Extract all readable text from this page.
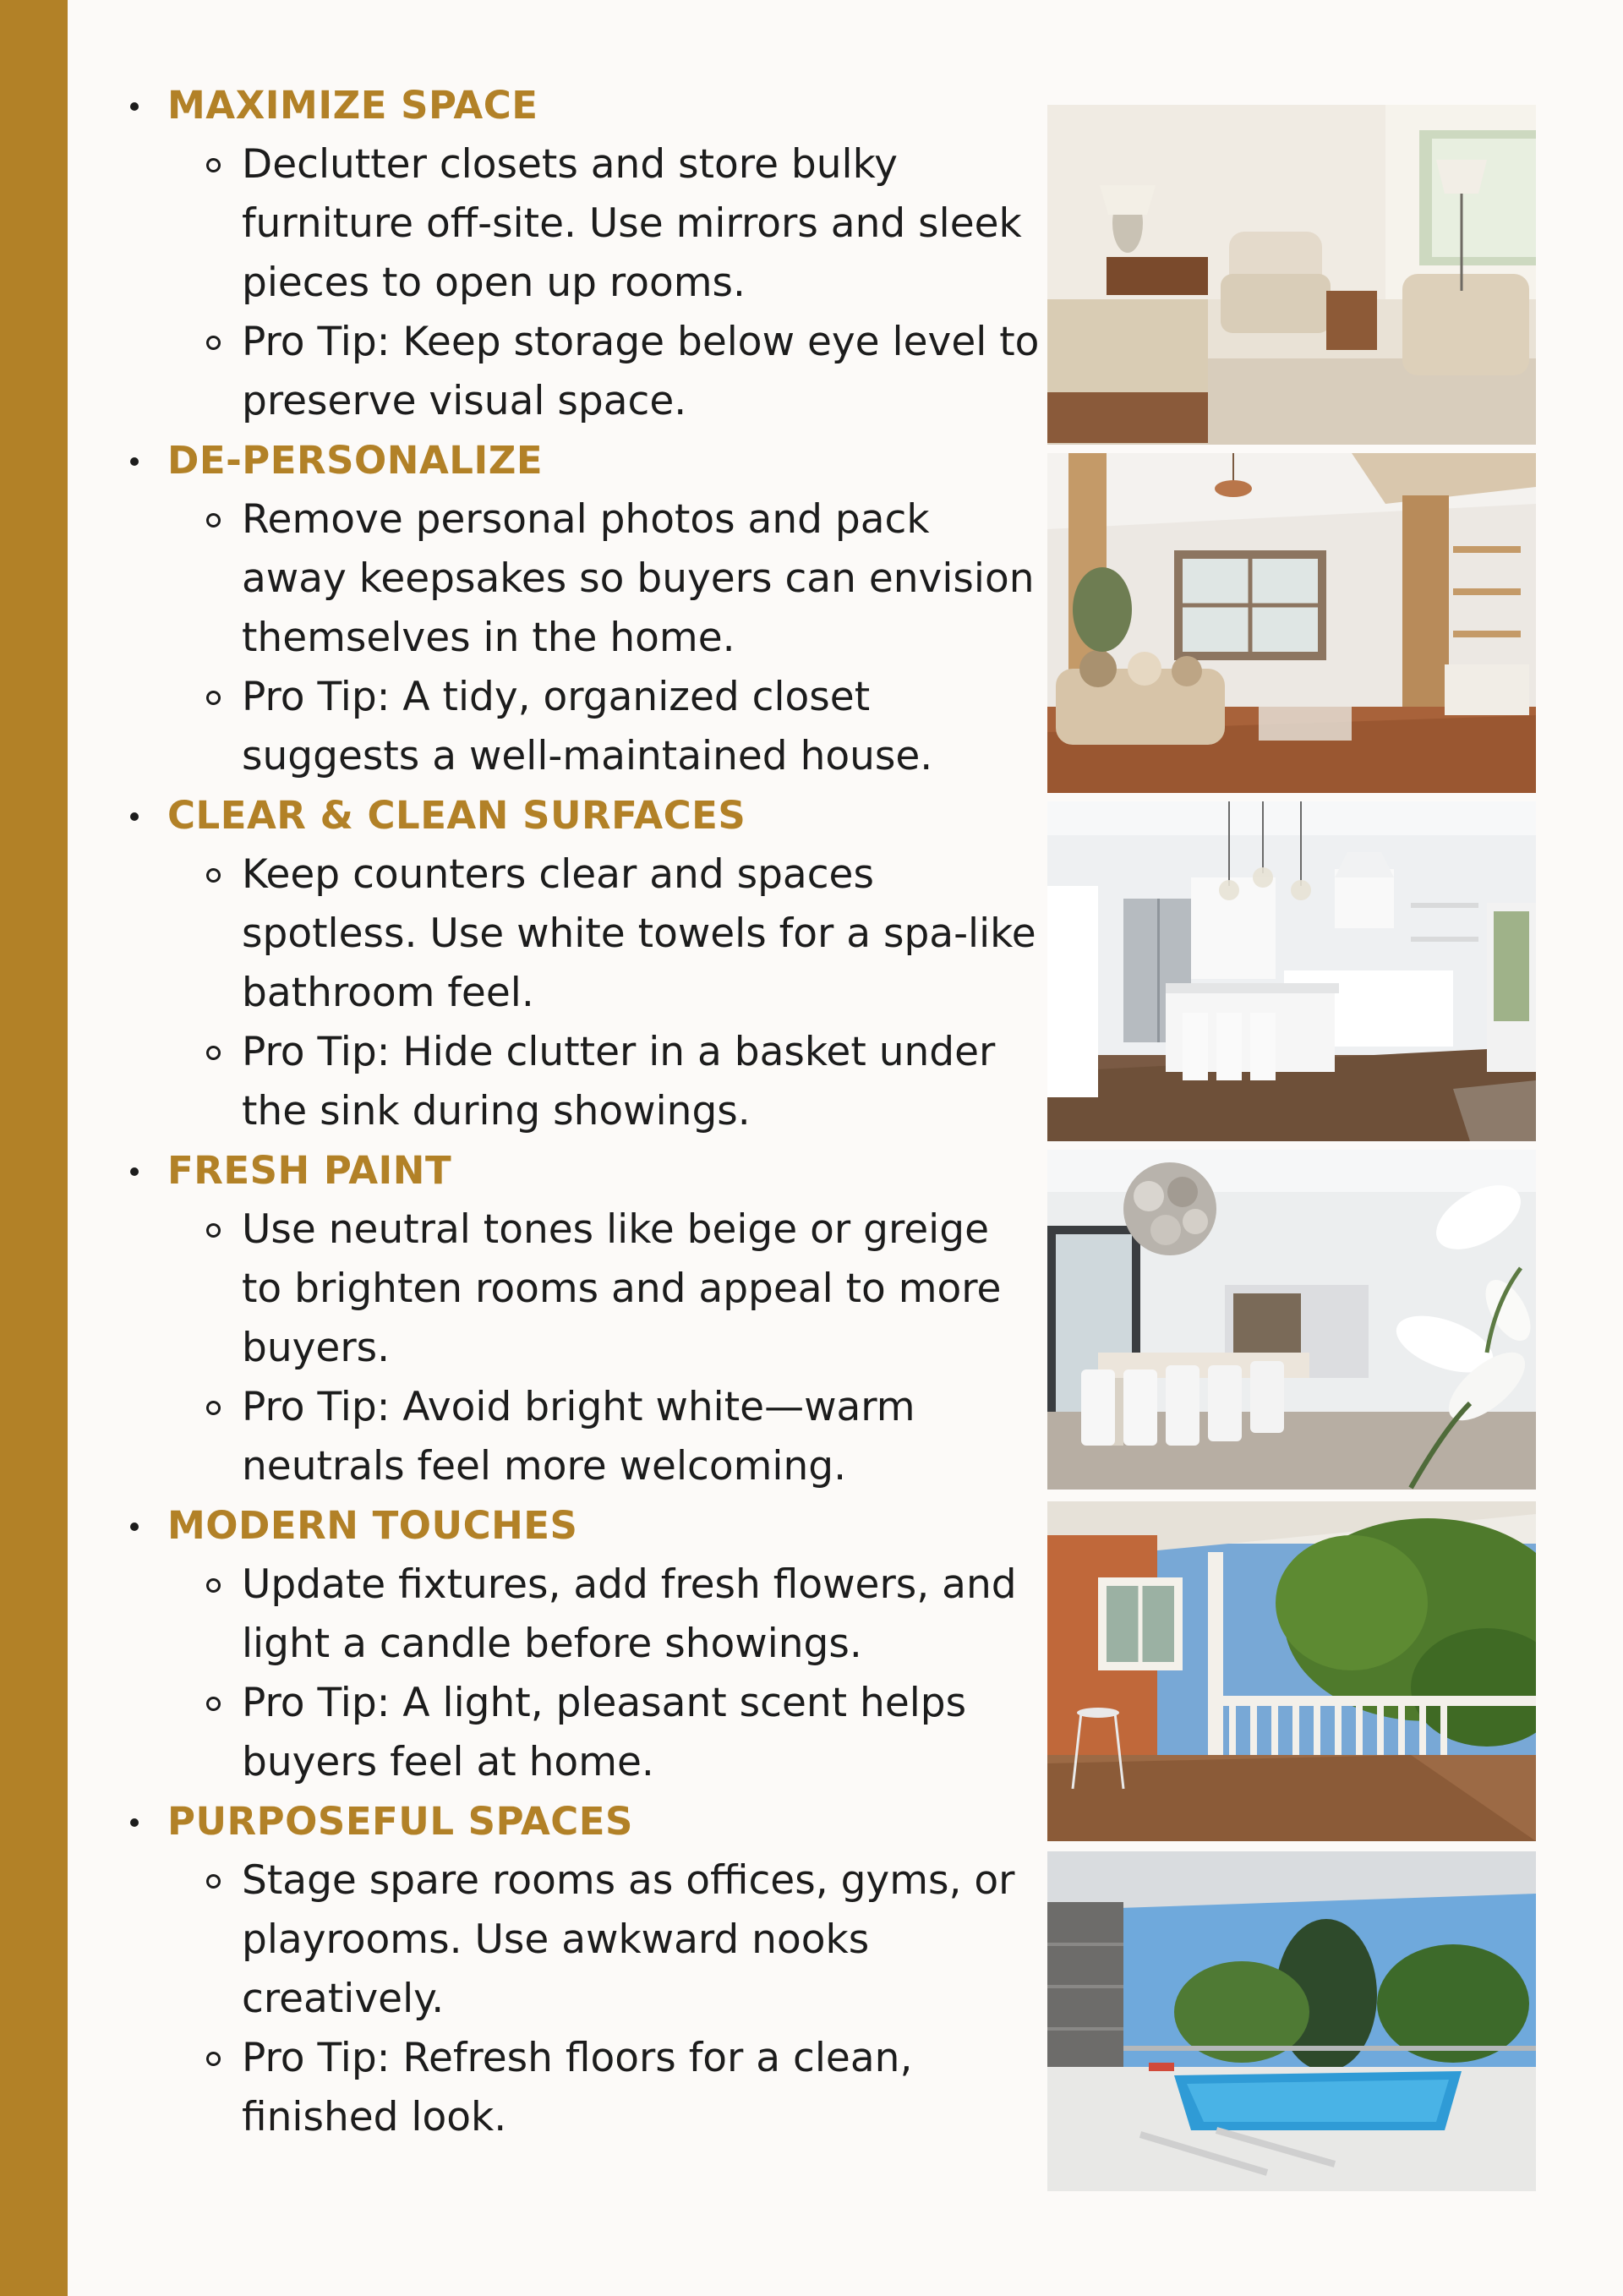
MAXIMIZE SPACE
Declutter closets and store bulky furniture off-site. Use mirrors and sleek pieces to open up rooms.
Pro Tip: Keep storage below eye level to preserve visual space.
DE-PERSONALIZE
Remove personal photos and pack away keepsakes so buyers can envision themselves in the home.
Pro Tip: A tidy, organized closet suggests a well-maintained house.
CLEAR & CLEAN SURFACES
Keep counters clear and spaces spotless. Use white towels for a spa-like bathroom feel.
Pro Tip: Hide clutter in a basket under the sink during showings.
FRESH PAINT
Use neutral tones like beige or greige to brighten rooms and appeal to more buyers.
Pro Tip: Avoid bright white—warm neutrals feel more welcoming.
MODERN TOUCHES
Update fixtures, add fresh flowers, and light a candle before showings.
Pro Tip: A light, pleasant scent helps buyers feel at home.
PURPOSEFUL SPACES
Stage spare rooms as offices, gyms, or playrooms. Use awkward nooks creatively.
Pro Tip: Refresh floors for a clean, finished look.
